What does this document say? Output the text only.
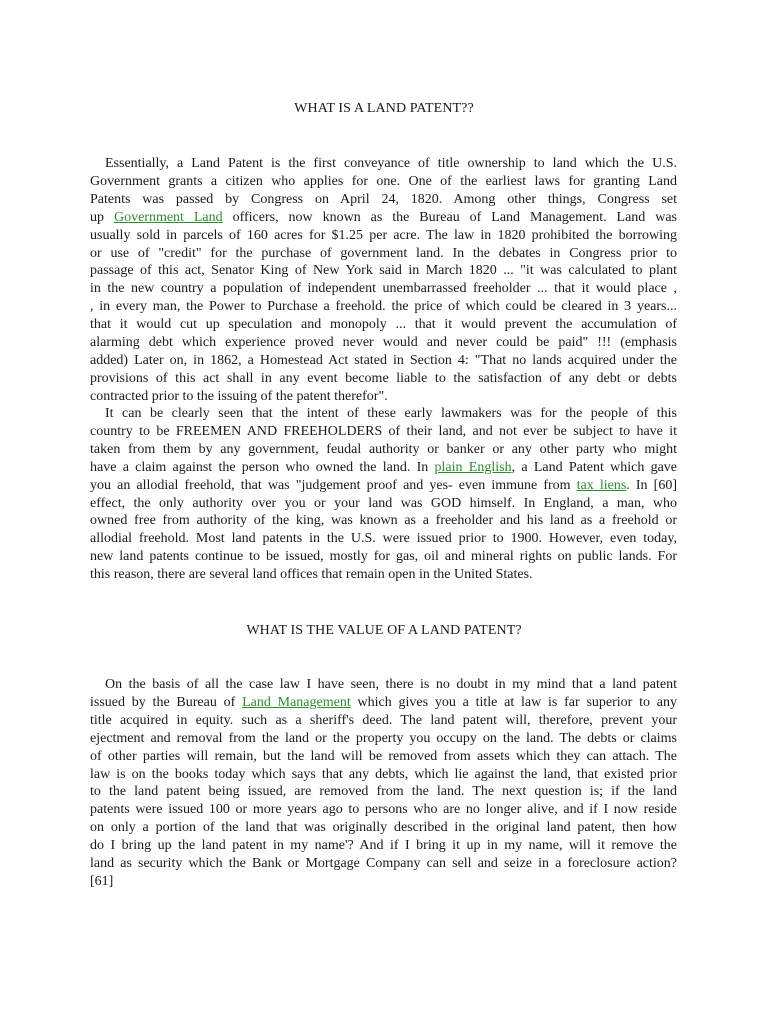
WHAT IS A LAND PATENT??
Essentially, a Land Patent is the first conveyance of title ownership to land which the U.S.
Government grants a citizen who applies for one. One of the earliest laws for granting Land
Patents was passed by Congress on April 24, 1820. Among other things, Congress set
up Government Land officers, now known as the Bureau of Land Management. Land was
usually sold in parcels of 160 acres for $1.25 per acre. The law in 1820 prohibited the borrowing
or use of "credit" for the purchase of government land. In the debates in Congress prior to
passage of this act, Senator King of New York said in March 1820 ... "it was calculated to plant
in the new country a population of independent unembarrassed freeholder ... that it would place ,
, in every man, the Power to Purchase a freehold. the price of which could be cleared in 3 years...
that it would cut up speculation and monopoly ... that it would prevent the accumulation of
alarming debt which experience proved never would and never could be paid" !!! (emphasis
added) Later on, in 1862, a Homestead Act stated in Section 4: "That no lands acquired under the
provisions of this act shall in any event become liable to the satisfaction of any debt or debts
contracted prior to the issuing of the patent therefor".
It can be clearly seen that the intent of these early lawmakers was for the people of this
country to be FREEMEN AND FREEHOLDERS of their land, and not ever be subject to have it
taken from them by any government, feudal authority or banker or any other party who might
have a claim against the person who owned the land. In plain English, a Land Patent which gave
you an allodial freehold, that was "judgement proof and yes- even immune from tax liens. In [60]
effect, the only authority over you or your land was GOD himself. In England, a man, who
owned free from authority of the king, was known as a freeholder and his land as a freehold or
allodial freehold. Most land patents in the U.S. were issued prior to 1900. However, even today,
new land patents continue to be issued, mostly for gas, oil and mineral rights on public lands. For
this reason, there are several land offices that remain open in the United States.
WHAT IS THE VALUE OF A LAND PATENT?
On the basis of all the case law I have seen, there is no doubt in my mind that a land patent
issued by the Bureau of Land Management which gives you a title at law is far superior to any
title acquired in equity. such as a sheriff's deed. The land patent will, therefore, prevent your
ejectment and removal from the land or the property you occupy on the land. The debts or claims
of other parties will remain, but the land will be removed from assets which they can attach. The
law is on the books today which says that any debts, which lie against the land, that existed prior
to the land patent being issued, are removed from the land. The next question is; if the land
patents were issued 100 or more years ago to persons who are no longer alive, and if I now reside
on only a portion of the land that was originally described in the original land patent, then how
do I bring up the land patent in my name'? And if I bring it up in my name, will it remove the
land as security which the Bank or Mortgage Company can sell and seize in a foreclosure action?
[61]
